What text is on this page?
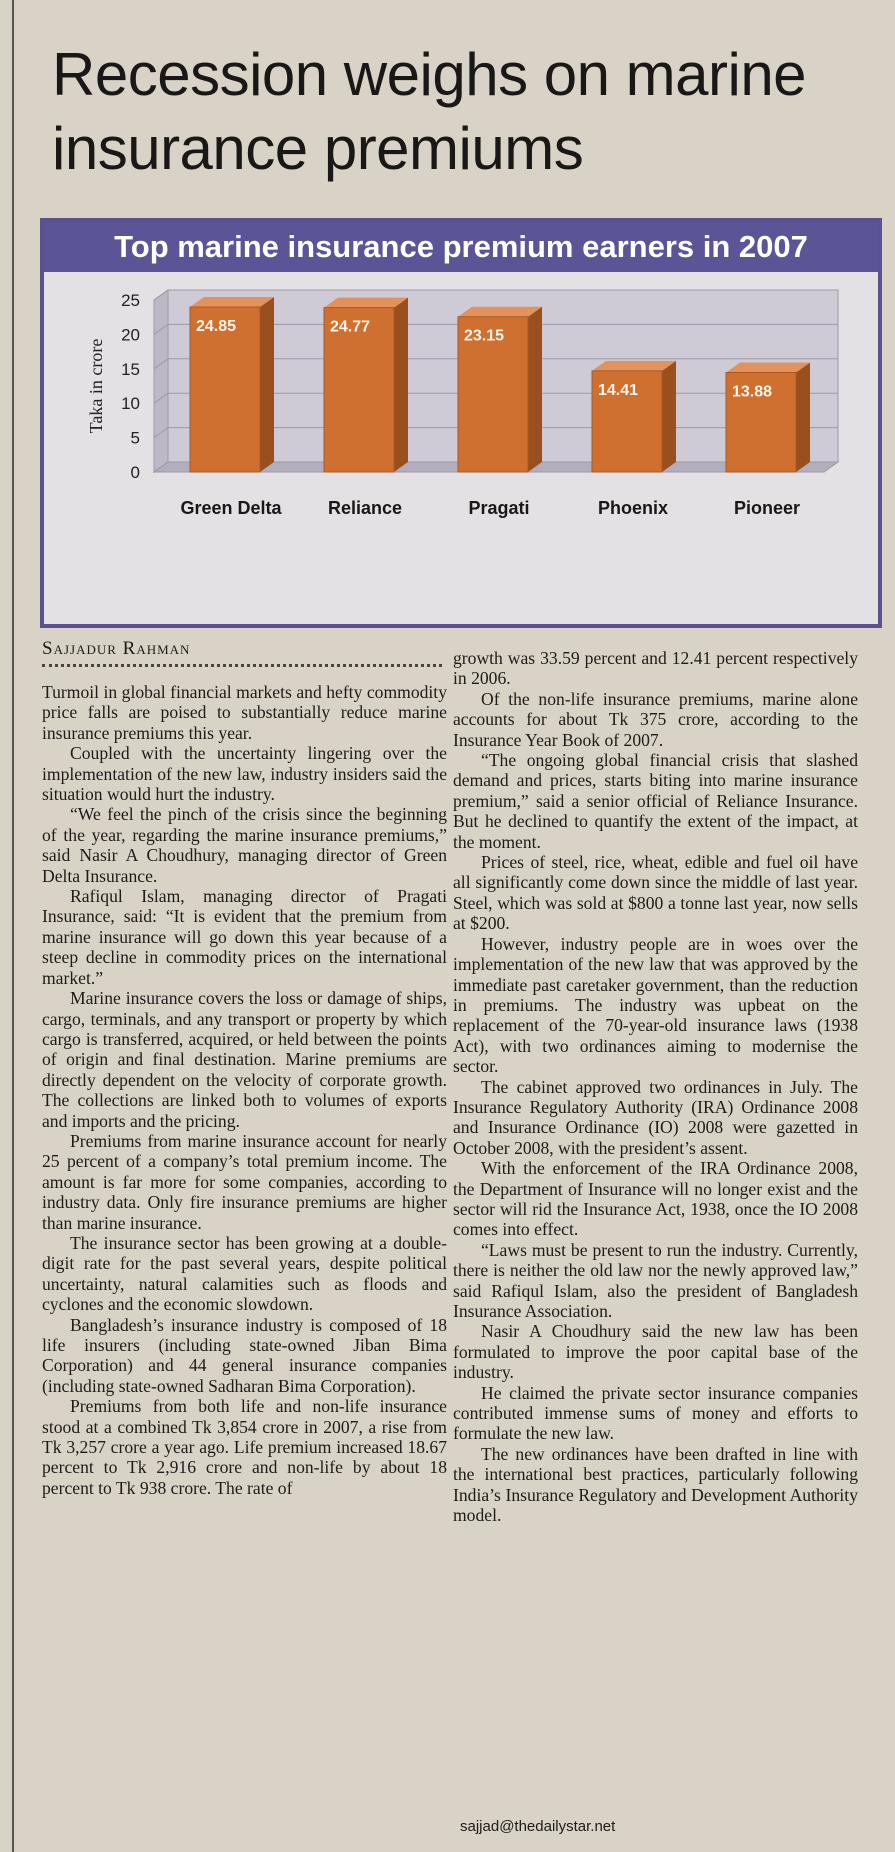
Recession weighs on marine insurance premiums
Top marine insurance premium earners in 2007
0
5
10
15
20
25
Taka in crore
24.85
Green Delta
24.77
Reliance
23.15
Pragati
14.41
Phoenix
13.88
Pioneer
Sajjadur Rahman

Turmoil in global financial markets and hefty commodity price falls are poised to substantially reduce marine insurance premiums this year.

Coupled with the uncertainty lingering over the implementation of the new law, industry insiders said the situation would hurt the industry.

“We feel the pinch of the crisis since the beginning of the year, regarding the marine insurance premiums,” said Nasir A Choudhury, managing director of Green Delta Insurance.

Rafiqul Islam, managing director of Pragati Insurance, said: “It is evident that the premium from marine insurance will go down this year because of a steep decline in commodity prices on the international market.”

Marine insurance covers the loss or damage of ships, cargo, terminals, and any transport or property by which cargo is transferred, acquired, or held between the points of origin and final destination. Marine premiums are directly dependent on the velocity of corporate growth. The collections are linked both to volumes of exports and imports and the pricing.

Premiums from marine insurance account for nearly 25 percent of a company’s total premium income. The amount is far more for some companies, according to industry data. Only fire insurance premiums are higher than marine insurance.

The insurance sector has been growing at a double-digit rate for the past several years, despite political uncertainty, natural calamities such as floods and cyclones and the economic slowdown.

Bangladesh’s insurance industry is composed of 18 life insurers (including state-owned Jiban Bima Corporation) and 44 general insurance companies (including state-owned Sadharan Bima Corporation).

Premiums from both life and non-life insurance stood at a combined Tk 3,854 crore in 2007, a rise from Tk 3,257 crore a year ago. Life premium increased 18.67 percent to Tk 2,916 crore and non-life by about 18 percent to Tk 938 crore. The rate of

growth was 33.59 percent and 12.41 percent respectively in 2006.

Of the non-life insurance premiums, marine alone accounts for about Tk 375 crore, according to the Insurance Year Book of 2007.

“The ongoing global financial crisis that slashed demand and prices, starts biting into marine insurance premium,” said a senior official of Reliance Insurance. But he declined to quantify the extent of the impact, at the moment.

Prices of steel, rice, wheat, edible and fuel oil have all significantly come down since the middle of last year. Steel, which was sold at $800 a tonne last year, now sells at $200.

However, industry people are in woes over the implementation of the new law that was approved by the immediate past caretaker government, than the reduction in premiums. The industry was upbeat on the replacement of the 70-year-old insurance laws (1938 Act), with two ordinances aiming to modernise the sector.

The cabinet approved two ordinances in July. The Insurance Regulatory Authority (IRA) Ordinance 2008 and Insurance Ordinance (IO) 2008 were gazetted in October 2008, with the president’s assent.

With the enforcement of the IRA Ordinance 2008, the Department of Insurance will no longer exist and the sector will rid the Insurance Act, 1938, once the IO 2008 comes into effect.

“Laws must be present to run the industry. Currently, there is neither the old law nor the newly approved law,” said Rafiqul Islam, also the president of Bangladesh Insurance Association.

Nasir A Choudhury said the new law has been formulated to improve the poor capital base of the industry.

He claimed the private sector insurance companies contributed immense sums of money and efforts to formulate the new law.

The new ordinances have been drafted in line with the international best practices, particularly following India’s Insurance Regulatory and Development Authority model.

sajjad@thedailystar.net
